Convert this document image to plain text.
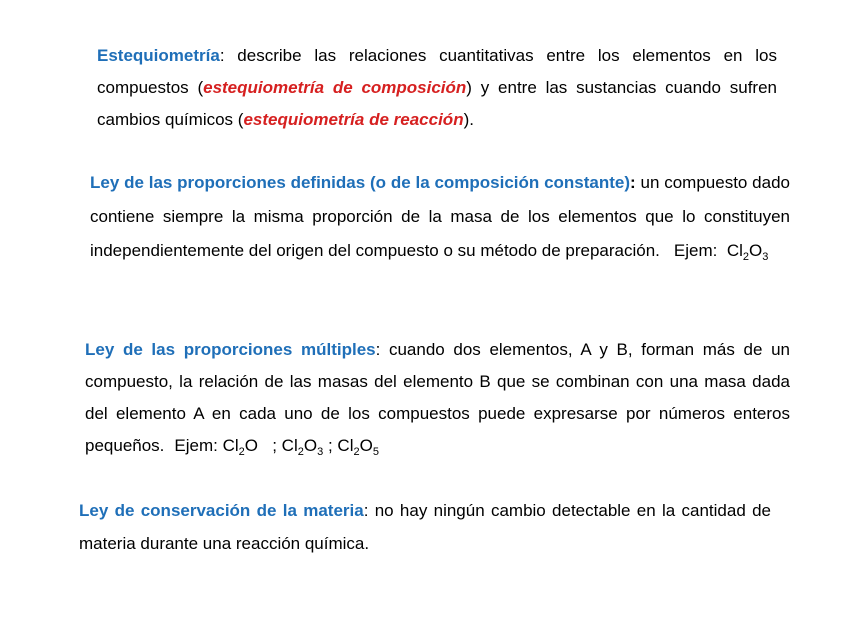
Estequiometría: describe las relaciones cuantitativas entre los elementos en los compuestos (estequiometría de composición) y entre las sustancias cuando sufren cambios químicos (estequiometría de reacción).

Ley de las proporciones definidas (o de la composición constante): un compuesto dado contiene siempre la misma proporción de la masa de los elementos que lo constituyen independientemente del origen del compuesto o su método de preparación. Ejem: $Cl_2O_3$

Ley de las proporciones múltiples: cuando dos elementos, A y B, forman más de un compuesto, la relación de las masas del elemento B que se combinan con una masa dada del elemento A en cada uno de los compuestos puede expresarse por números enteros pequeños. Ejem: $Cl_2O$ ; $Cl_2O_3$ ; $Cl_2O_5$

Ley de conservación de la materia: no hay ningún cambio detectable en la cantidad de materia durante una reacción química.
